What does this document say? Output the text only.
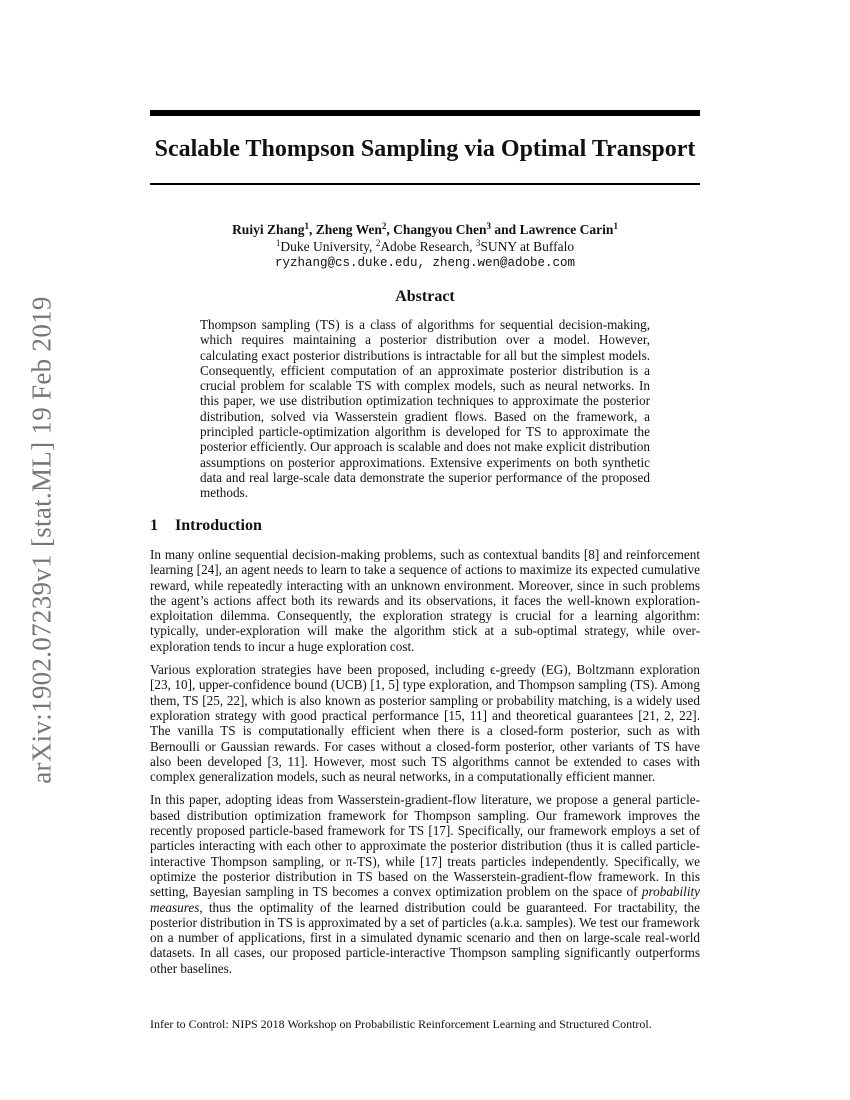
arXiv:1902.07239v1 [stat.ML] 19 Feb 2019
Scalable Thompson Sampling via Optimal Transport
Ruiyi Zhang$^1$, Zheng Wen$^2$, Changyou Chen$^3$ and Lawrence Carin$^1$
$^1$Duke University, $^2$Adobe Research, $^3$SUNY at Buffalo
ryzhang@cs.duke.edu, zheng.wen@adobe.com
Abstract
Thompson sampling (TS) is a class of algorithms for sequential decision-making, which requires maintaining a posterior distribution over a model. However, calculating exact posterior distributions is intractable for all but the simplest models. Consequently, efficient computation of an approximate posterior distribution is a crucial problem for scalable TS with complex models, such as neural networks. In this paper, we use distribution optimization techniques to approximate the posterior distribution, solved via Wasserstein gradient flows. Based on the framework, a principled particle-optimization algorithm is developed for TS to approximate the posterior efficiently. Our approach is scalable and does not make explicit distribution assumptions on posterior approximations. Extensive experiments on both synthetic data and real large-scale data demonstrate the superior performance of the proposed methods.
1 Introduction

In many online sequential decision-making problems, such as contextual bandits [8] and reinforcement learning [24], an agent needs to learn to take a sequence of actions to maximize its expected cumulative reward, while repeatedly interacting with an unknown environment. Moreover, since in such problems the agent’s actions affect both its rewards and its observations, it faces the well-known exploration-exploitation dilemma. Consequently, the exploration strategy is crucial for a learning algorithm: typically, under-exploration will make the algorithm stick at a sub-optimal strategy, while over-exploration tends to incur a huge exploration cost.

Various exploration strategies have been proposed, including ϵ-greedy (EG), Boltzmann exploration [23, 10], upper-confidence bound (UCB) [1, 5] type exploration, and Thompson sampling (TS). Among them, TS [25, 22], which is also known as posterior sampling or probability matching, is a widely used exploration strategy with good practical performance [15, 11] and theoretical guarantees [21, 2, 22]. The vanilla TS is computationally efficient when there is a closed-form posterior, such as with Bernoulli or Gaussian rewards. For cases without a closed-form posterior, other variants of TS have also been developed [3, 11]. However, most such TS algorithms cannot be extended to cases with complex generalization models, such as neural networks, in a computationally efficient manner.

In this paper, adopting ideas from Wasserstein-gradient-flow literature, we propose a general particle-based distribution optimization framework for Thompson sampling. Our framework improves the recently proposed particle-based framework for TS [17]. Specifically, our framework employs a set of particles interacting with each other to approximate the posterior distribution (thus it is called particle-interactive Thompson sampling, or π-TS), while [17] treats particles independently. Specifically, we optimize the posterior distribution in TS based on the Wasserstein-gradient-flow framework. In this setting, Bayesian sampling in TS becomes a convex optimization problem on the space of probability measures, thus the optimality of the learned distribution could be guaranteed. For tractability, the posterior distribution in TS is approximated by a set of particles (a.k.a. samples). We test our framework on a number of applications, first in a simulated dynamic scenario and then on large-scale real-world datasets. In all cases, our proposed particle-interactive Thompson sampling significantly outperforms other baselines.

Infer to Control: NIPS 2018 Workshop on Probabilistic Reinforcement Learning and Structured Control.
